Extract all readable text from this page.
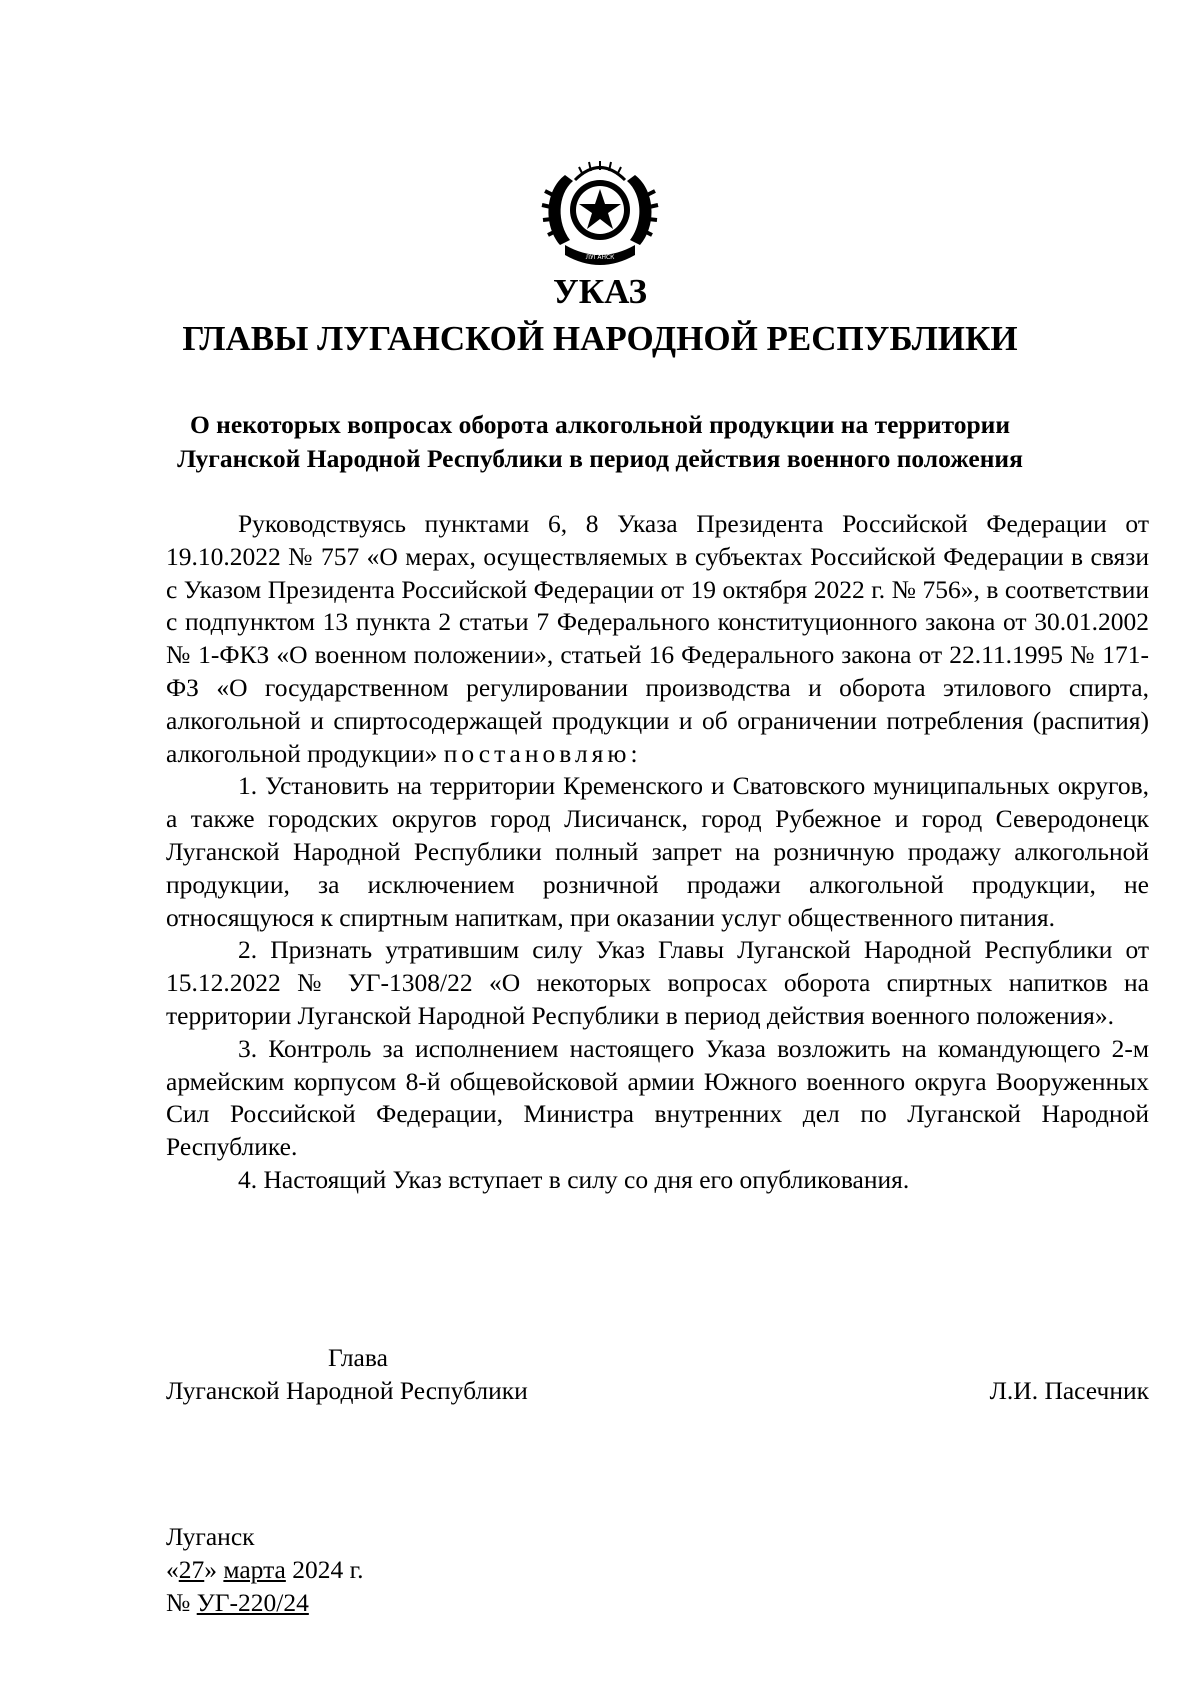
ЛУГАНСК
УКАЗ
ГЛАВЫ ЛУГАНСКОЙ НАРОДНОЙ РЕСПУБЛИКИ
О некоторых вопросах оборота алкогольной продукции на территории
Луганской Народной Республики в период действия военного положения

Руководствуясь пунктами 6, 8 Указа Президента Российской Федерации от 19.10.2022 № 757 «О мерах, осуществляемых в субъектах Российской Федерации в связи с Указом Президента Российской Федерации от 19 октября 2022 г. № 756», в соответствии с подпунктом 13 пункта 2 статьи 7 Федерального конституционного закона от 30.01.2002 № 1-ФКЗ «О военном положении», статьей 16 Федерального закона от 22.11.1995 № 171-ФЗ «О государственном регулировании производства и оборота этилового спирта, алкогольной и спиртосодержащей продукции и об ограничении потребления (распития) алкогольной продукции» постановляю:

1. Установить на территории Кременского и Сватовского муниципальных округов, а также городских округов город Лисичанск, город Рубежное и город Северодонецк Луганской Народной Республики полный запрет на розничную продажу алкогольной продукции, за исключением розничной продажи алкогольной продукции, не относящуюся к спиртным напиткам, при оказании услуг общественного питания.

2. Признать утратившим силу Указ Главы Луганской Народной Республики от 15.12.2022 № УГ-1308/22 «О некоторых вопросах оборота спиртных напитков на территории Луганской Народной Республики в период действия военного положения».

3. Контроль за исполнением настоящего Указа возложить на командующего 2-м армейским корпусом 8-й общевойсковой армии Южного военного округа Вооруженных Сил Российской Федерации, Министра внутренних дел по Луганской Народной Республике.

4. Настоящий Указ вступает в силу со дня его опубликования.

Глава
Луганской Народной Республики	Л.И. Пасечник
Луганск
«27» марта 2024 г.
№ УГ-220/24
